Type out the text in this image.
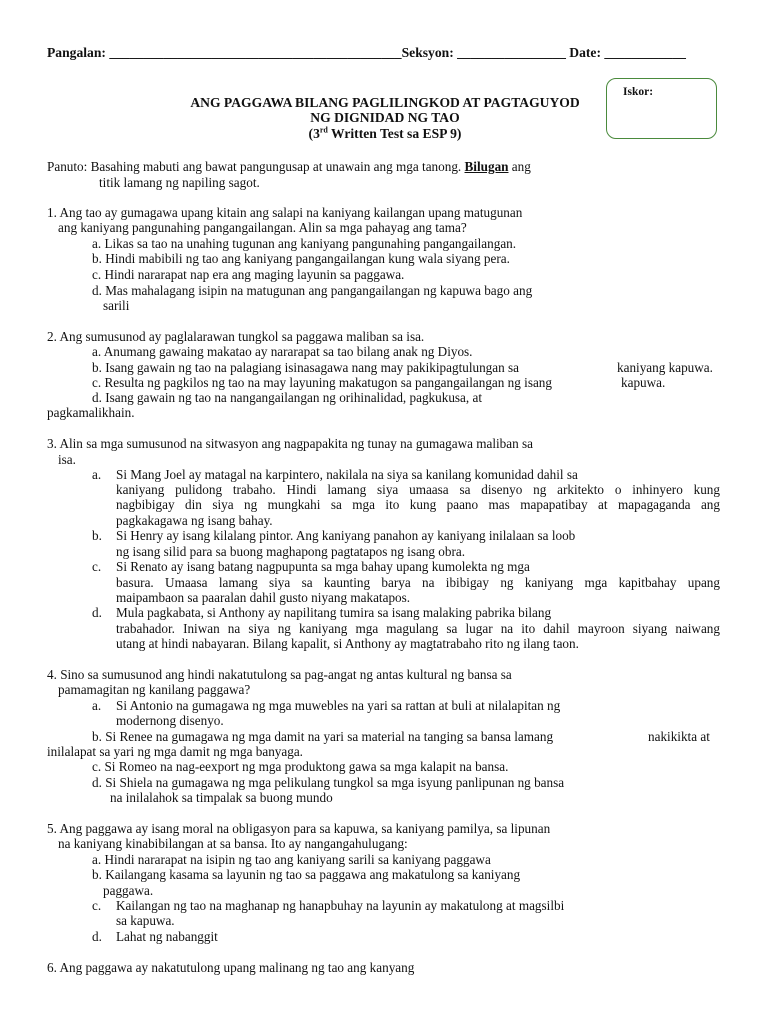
Pangalan: ___________________________________________Seksyon: ________________ Date: ____________
Iskor:
ANG PAGGAWA BILANG PAGLILINGKOD AT PAGTAGUYOD
NG DIGNIDAD NG TAO
(3rd Written Test sa ESP 9)
Panuto: Basahing mabuti ang bawat pangungusap at unawain ang mga tanong. Bilugan ang
titik lamang ng napiling sagot.
1. Ang tao ay gumagawa upang kitain ang salapi na kaniyang kailangan upang matugunan
ang kaniyang pangunahing pangangailangan. Alin sa mga pahayag ang tama?
a. Likas sa tao na unahing tugunan ang kaniyang pangunahing pangangailangan.
b. Hindi mabibili ng tao ang kaniyang pangangailangan kung wala siyang pera.
c. Hindi nararapat nap era ang maging layunin sa paggawa.
d. Mas mahalagang isipin na matugunan ang pangangailangan ng kapuwa bago ang
sarili
2. Ang sumusunod ay paglalarawan tungkol sa paggawa maliban sa isa.
a. Anumang gawaing makatao ay nararapat sa tao bilang anak ng Diyos.
b. Isang gawain ng tao na palagiang isinasagawa nang may pakikipagtulungan sa	kaniyang kapuwa.
c. Resulta ng pagkilos ng tao na may layuning makatugon sa pangangailangan ng isang	kapuwa.
d. Isang gawain ng tao na nangangailangan ng orihinalidad, pagkukusa, at
pagkamalikhain.
3. Alin sa mga sumusunod na sitwasyon ang nagpapakita ng tunay na gumagawa maliban sa
isa.
a. Si Mang Joel ay matagal na karpintero, nakilala na siya sa kanilang komunidad dahil sa
kaniyang pulidong trabaho. Hindi lamang siya umaasa sa disenyo ng arkitekto o inhinyero kung
nagbibigay din siya ng mungkahi sa mga ito kung paano mas mapapatibay at mapagaganda ang
pagkakagawa ng isang bahay.
b. Si Henry ay isang kilalang pintor. Ang kaniyang panahon ay kaniyang inilalaan sa loob
ng isang silid para sa buong maghapong pagtatapos ng isang obra.
c. Si Renato ay isang batang nagpupunta sa mga bahay upang kumolekta ng mga
basura. Umaasa lamang siya sa kaunting barya na ibibigay ng kaniyang mga kapitbahay upang
maipambaon sa paaralan dahil gusto niyang makatapos.
d. Mula pagkabata, si Anthony ay napilitang tumira sa isang malaking pabrika bilang
trabahador. Iniwan na siya ng kaniyang mga magulang sa lugar na ito dahil mayroon siyang naiwang
utang at hindi nabayaran. Bilang kapalit, si Anthony ay magtatrabaho rito ng ilang taon.
4. Sino sa sumusunod ang hindi nakatutulong sa pag-angat ng antas kultural ng bansa sa
pamamagitan ng kanilang paggawa?
a. Si Antonio na gumagawa ng mga muwebles na yari sa rattan at buli at nilalapitan ng
modernong disenyo.
b. Si Renee na gumagawa ng mga damit na yari sa material na tanging sa bansa lamang	nakikikta at
inilalapat sa yari ng mga damit ng mga banyaga.
c. Si Romeo na nag-eexport ng mga produktong gawa sa mga kalapit na bansa.
d. Si Shiela na gumagawa ng mga pelikulang tungkol sa mga isyung panlipunan ng bansa
na inilalahok sa timpalak sa buong mundo
5. Ang paggawa ay isang moral na obligasyon para sa kapuwa, sa kaniyang pamilya, sa lipunan
na kaniyang kinabibilangan at sa bansa. Ito ay nangangahulugang:
a. Hindi nararapat na isipin ng tao ang kaniyang sarili sa kaniyang paggawa
b. Kailangang kasama sa layunin ng tao sa paggawa ang makatulong sa kaniyang
paggawa.
c. Kailangan ng tao na maghanap ng hanapbuhay na layunin ay makatulong at magsilbi
sa kapuwa.
d. Lahat ng nabanggit
6. Ang paggawa ay nakatutulong upang malinang ng tao ang kanyang
